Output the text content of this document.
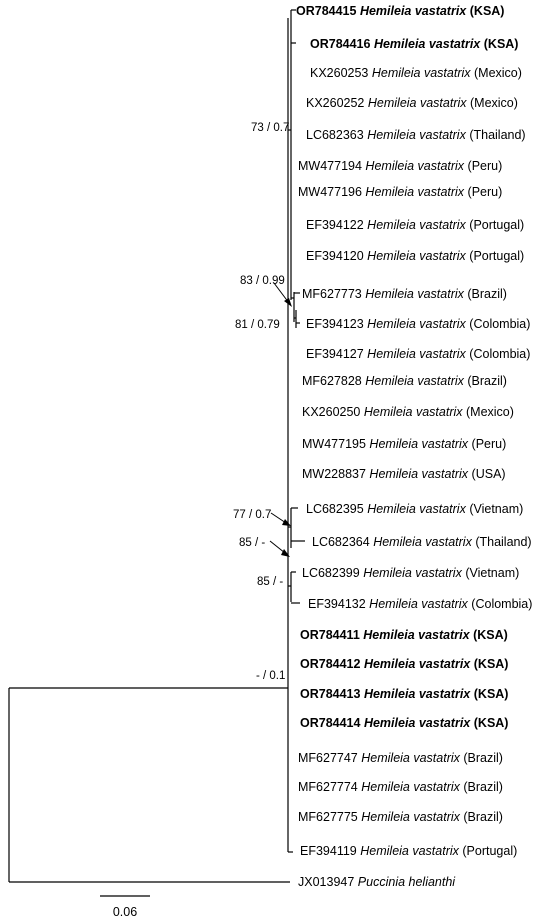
OR784415 Hemileia vastatrix (KSA)
OR784416 Hemileia vastatrix (KSA)
KX260253 Hemileia vastatrix (Mexico)
KX260252 Hemileia vastatrix (Mexico)
LC682363 Hemileia vastatrix (Thailand)
MW477194 Hemileia vastatrix (Peru)
MW477196 Hemileia vastatrix (Peru)
EF394122 Hemileia vastatrix (Portugal)
EF394120 Hemileia vastatrix (Portugal)
MF627773 Hemileia vastatrix (Brazil)
EF394123 Hemileia vastatrix (Colombia)
EF394127 Hemileia vastatrix (Colombia)
MF627828 Hemileia vastatrix (Brazil)
KX260250 Hemileia vastatrix (Mexico)
MW477195 Hemileia vastatrix (Peru)
MW228837 Hemileia vastatrix (USA)
LC682395 Hemileia vastatrix (Vietnam)
LC682364 Hemileia vastatrix (Thailand)
LC682399 Hemileia vastatrix (Vietnam)
EF394132 Hemileia vastatrix (Colombia)
OR784411 Hemileia vastatrix (KSA)
OR784412 Hemileia vastatrix (KSA)
OR784413 Hemileia vastatrix (KSA)
OR784414 Hemileia vastatrix (KSA)
MF627747 Hemileia vastatrix (Brazil)
MF627774 Hemileia vastatrix (Brazil)
MF627775 Hemileia vastatrix (Brazil)
EF394119 Hemileia vastatrix (Portugal)
JX013947 Puccinia helianthi
73 / 0.7
83 / 0.99
81 / 0.79
77 / 0.7
85 / -
85 / -
- / 0.1
0.06
